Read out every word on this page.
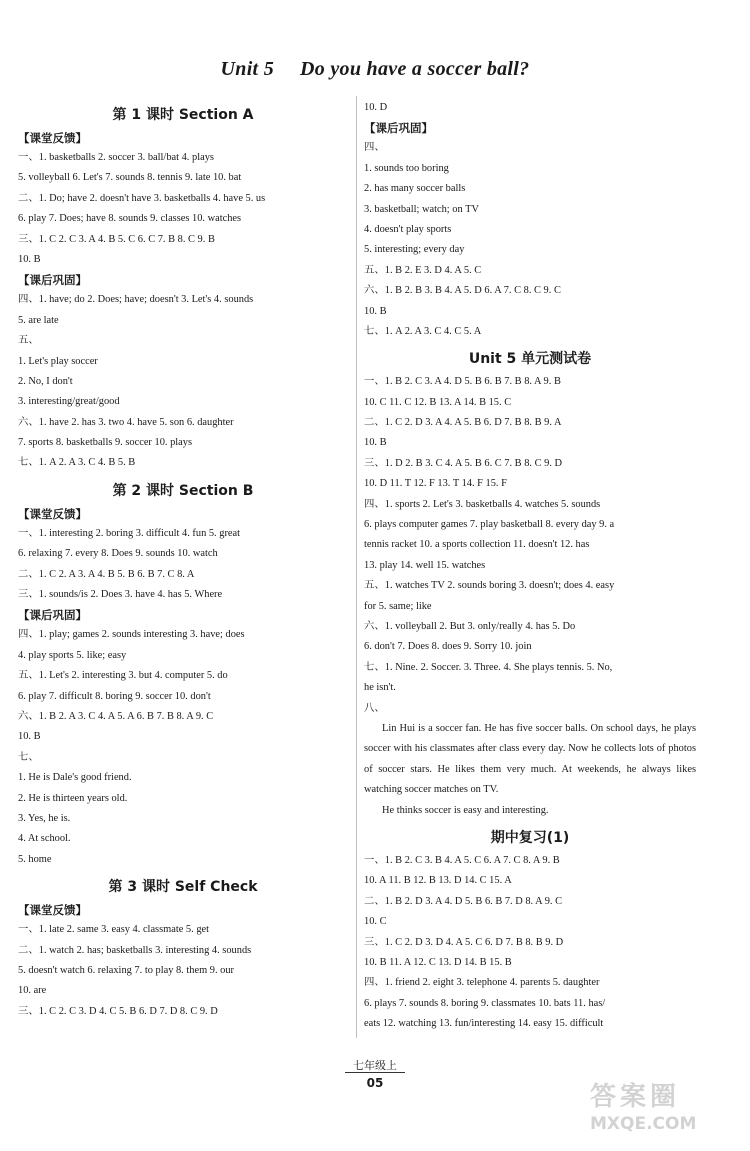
Unit 5 Do you have a soccer ball?
第 1 课时 Section A
【课堂反馈】
一、1. basketballs 2. soccer 3. ball/bat 4. plays
5. volleyball 6. Let's 7. sounds 8. tennis 9. late 10. bat
二、1. Do; have 2. doesn't have 3. basketballs 4. have 5. us
6. play 7. Does; have 8. sounds 9. classes 10. watches
三、1. C 2. C 3. A 4. B 5. C 6. C 7. B 8. C 9. B
10. B
【课后巩固】
四、1. have; do 2. Does; have; doesn't 3. Let's 4. sounds
5. are late
五、
1. Let's play soccer
2. No, I don't
3. interesting/great/good
六、1. have 2. has 3. two 4. have 5. son 6. daughter
7. sports 8. basketballs 9. soccer 10. plays
七、1. A 2. A 3. C 4. B 5. B
第 2 课时 Section B
【课堂反馈】
一、1. interesting 2. boring 3. difficult 4. fun 5. great
6. relaxing 7. every 8. Does 9. sounds 10. watch
二、1. C 2. A 3. A 4. B 5. B 6. B 7. C 8. A
三、1. sounds/is 2. Does 3. have 4. has 5. Where
【课后巩固】
四、1. play; games 2. sounds interesting 3. have; does
4. play sports 5. like; easy
五、1. Let's 2. interesting 3. but 4. computer 5. do
6. play 7. difficult 8. boring 9. soccer 10. don't
六、1. B 2. A 3. C 4. A 5. A 6. B 7. B 8. A 9. C
10. B
七、
1. He is Dale's good friend.
2. He is thirteen years old.
3. Yes, he is.
4. At school.
5. home
第 3 课时 Self Check
【课堂反馈】
一、1. late 2. same 3. easy 4. classmate 5. get
二、1. watch 2. has; basketballs 3. interesting 4. sounds
5. doesn't watch 6. relaxing 7. to play 8. them 9. our
10. are
三、1. C 2. C 3. D 4. C 5. B 6. D 7. D 8. C 9. D
10. D
【课后巩固】
四、
1. sounds too boring
2. has many soccer balls
3. basketball; watch; on TV
4. doesn't play sports
5. interesting; every day
五、1. B 2. E 3. D 4. A 5. C
六、1. B 2. B 3. B 4. A 5. D 6. A 7. C 8. C 9. C
10. B
七、1. A 2. A 3. C 4. C 5. A
Unit 5 单元测试卷
一、1. B 2. C 3. A 4. D 5. B 6. B 7. B 8. A 9. B
10. C 11. C 12. B 13. A 14. B 15. C
二、1. C 2. D 3. A 4. A 5. B 6. D 7. B 8. B 9. A
10. B
三、1. D 2. B 3. C 4. A 5. B 6. C 7. B 8. C 9. D
10. D 11. T 12. F 13. T 14. F 15. F
四、1. sports 2. Let's 3. basketballs 4. watches 5. sounds
6. plays computer games 7. play basketball 8. every day 9. a
tennis racket 10. a sports collection 11. doesn't 12. has
13. play 14. well 15. watches
五、1. watches TV 2. sounds boring 3. doesn't; does 4. easy
for 5. same; like
六、1. volleyball 2. But 3. only/really 4. has 5. Do
6. don't 7. Does 8. does 9. Sorry 10. join
七、1. Nine. 2. Soccer. 3. Three. 4. She plays tennis. 5. No,
he isn't.
八、
Lin Hui is a soccer fan. He has five soccer balls. On school days, he plays soccer with his classmates after class every day. Now he collects lots of photos of soccer stars. He likes them very much. At weekends, he always likes watching soccer matches on TV.
He thinks soccer is easy and interesting.
期中复习(1)
一、1. B 2. C 3. B 4. A 5. C 6. A 7. C 8. A 9. B
10. A 11. B 12. B 13. D 14. C 15. A
二、1. B 2. D 3. A 4. D 5. B 6. B 7. D 8. A 9. C
10. C
三、1. C 2. D 3. D 4. A 5. C 6. D 7. B 8. B 9. D
10. B 11. A 12. C 13. D 14. B 15. B
四、1. friend 2. eight 3. telephone 4. parents 5. daughter
6. plays 7. sounds 8. boring 9. classmates 10. bats 11. has/
eats 12. watching 13. fun/interesting 14. easy 15. difficult
七年级上
05	答案圈
MXQE.COM
